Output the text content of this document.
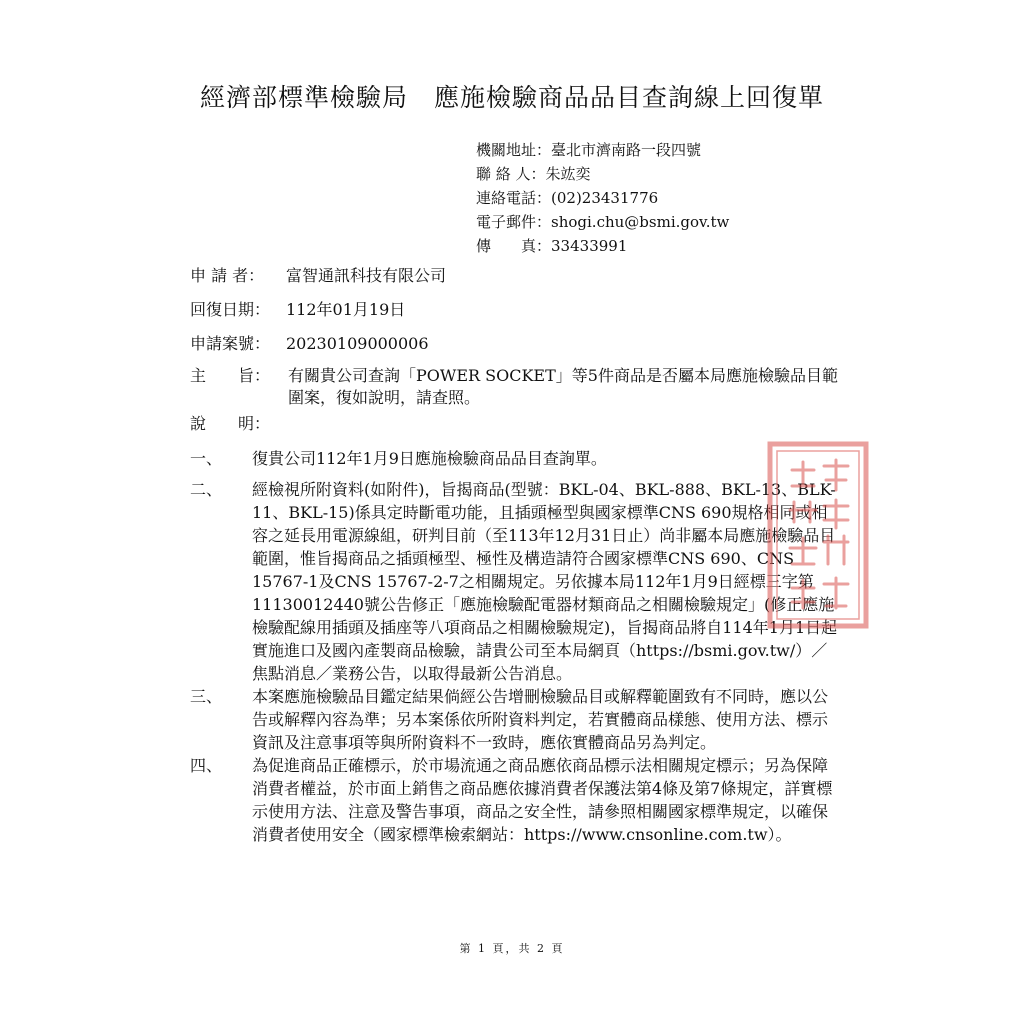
經濟部標準檢驗局　應施檢驗商品品目查詢線上回復單
機關地址：臺北市濟南路一段四號
聯 絡 人：朱竑奕
連絡電話：(02)23431776
電子郵件：shogi.chu@bsmi.gov.tw
傳　　真：33433991
申 請 者： 富智通訊科技有限公司
回復日期： 112年01月19日
申請案號： 20230109000006
主　　旨： 有關貴公司查詢「POWER SOCKET」等5件商品是否屬本局應施檢驗品目範圍案，復如說明，請查照。
說　　明：
一、	復貴公司112年1月9日應施檢驗商品品目查詢單。
二、	經檢視所附資料(如附件)，旨揭商品(型號：BKL-04、BKL-888、BKL-13、BLK-11、BKL-15)係具定時斷電功能，且插頭極型與國家標準CNS 690規格相同或相容之延長用電源線組，研判目前（至113年12月31日止）尚非屬本局應施檢驗品目範圍，惟旨揭商品之插頭極型、極性及構造請符合國家標準CNS 690、CNS 15767-1及CNS 15767-2-7之相關規定。另依據本局112年1月9日經標三字第11130012440號公告修正「應施檢驗配電器材類商品之相關檢驗規定」(修正應施檢驗配線用插頭及插座等八項商品之相關檢驗規定)，旨揭商品將自114年1月1日起實施進口及國內產製商品檢驗，請貴公司至本局網頁（https://bsmi.gov.tw/）／焦點消息／業務公告，以取得最新公告消息。
三、	本案應施檢驗品目鑑定結果倘經公告增刪檢驗品目或解釋範圍致有不同時，應以公告或解釋內容為準；另本案係依所附資料判定，若實體商品樣態、使用方法、標示資訊及注意事項等與所附資料不一致時，應依實體商品另為判定。
四、	為促進商品正確標示，於市場流通之商品應依商品標示法相關規定標示；另為保障消費者權益，於市面上銷售之商品應依據消費者保護法第4條及第7條規定，詳實標示使用方法、注意及警告事項，商品之安全性，請參照相關國家標準規定，以確保消費者使用安全（國家標準檢索網站：https://www.cnsonline.com.tw）。
第 1 頁，共 2 頁
